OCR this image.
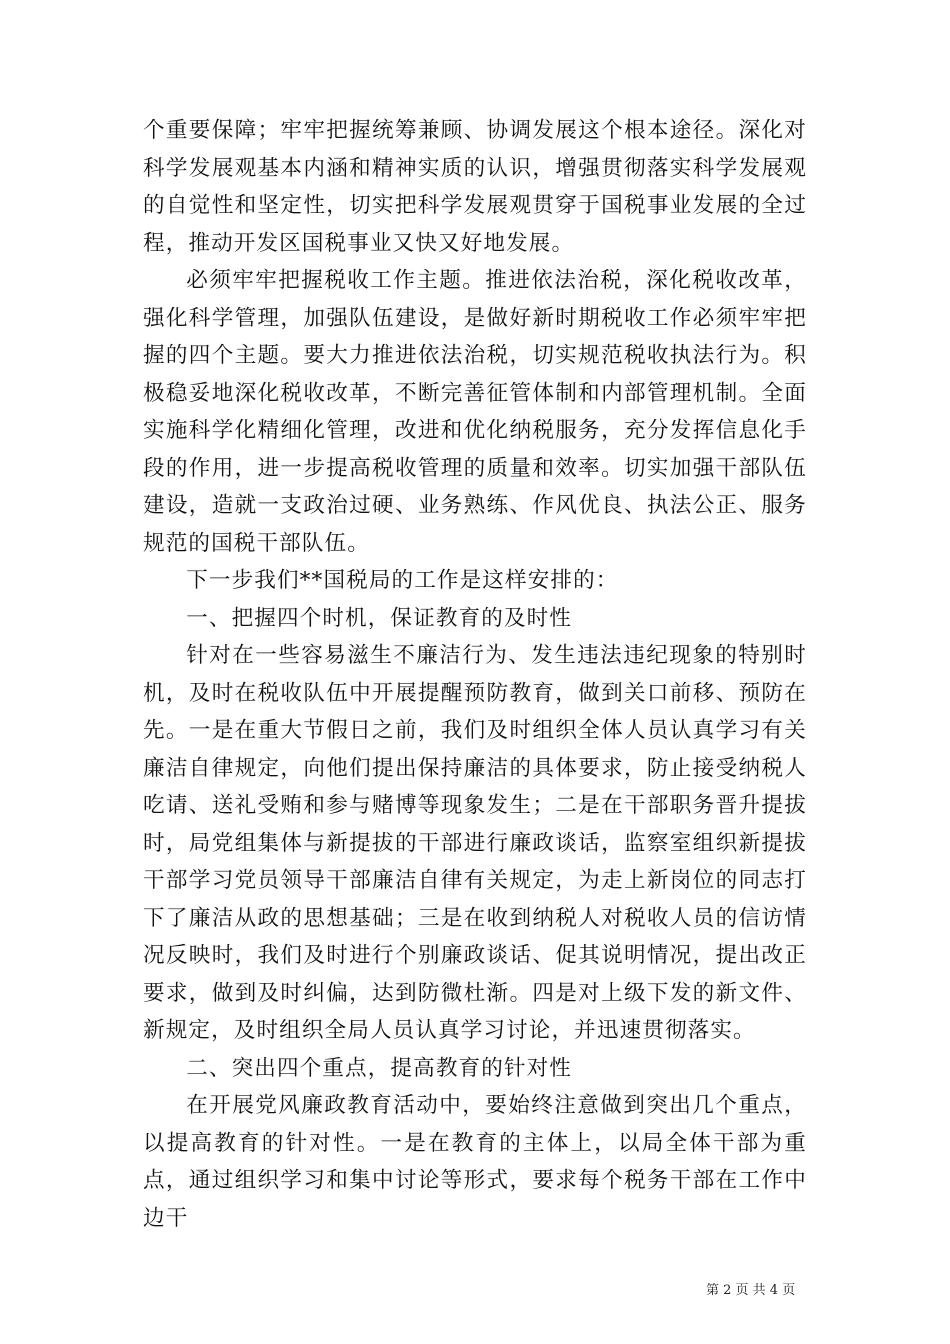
个重要保障；牢牢把握统筹兼顾、协调发展这个根本途径。深化对科学发展观基本内涵和精神实质的认识，增强贯彻落实科学发展观的自觉性和坚定性，切实把科学发展观贯穿于国税事业发展的全过程，推动开发区国税事业又快又好地发展。

必须牢牢把握税收工作主题。推进依法治税，深化税收改革，强化科学管理，加强队伍建设，是做好新时期税收工作必须牢牢把握的四个主题。要大力推进依法治税，切实规范税收执法行为。积极稳妥地深化税收改革，不断完善征管体制和内部管理机制。全面实施科学化精细化管理，改进和优化纳税服务，充分发挥信息化手段的作用，进一步提高税收管理的质量和效率。切实加强干部队伍建设，造就一支政治过硬、业务熟练、作风优良、执法公正、服务规范的国税干部队伍。

下一步我们**国税局的工作是这样安排的：

一、把握四个时机，保证教育的及时性

针对在一些容易滋生不廉洁行为、发生违法违纪现象的特别时机，及时在税收队伍中开展提醒预防教育，做到关口前移、预防在先。一是在重大节假日之前，我们及时组织全体人员认真学习有关廉洁自律规定，向他们提出保持廉洁的具体要求，防止接受纳税人吃请、送礼受贿和参与赌博等现象发生；二是在干部职务晋升提拔时，局党组集体与新提拔的干部进行廉政谈话，监察室组织新提拔干部学习党员领导干部廉洁自律有关规定，为走上新岗位的同志打下了廉洁从政的思想基础；三是在收到纳税人对税收人员的信访情况反映时，我们及时进行个别廉政谈话、促其说明情况，提出改正要求，做到及时纠偏，达到防微杜渐。四是对上级下发的新文件、新规定，及时组织全局人员认真学习讨论，并迅速贯彻落实。

二、突出四个重点，提高教育的针对性

在开展党风廉政教育活动中，要始终注意做到突出几个重点，以提高教育的针对性。一是在教育的主体上，以局全体干部为重点，通过组织学习和集中讨论等形式，要求每个税务干部在工作中边干

第 2 页 共 4 页
